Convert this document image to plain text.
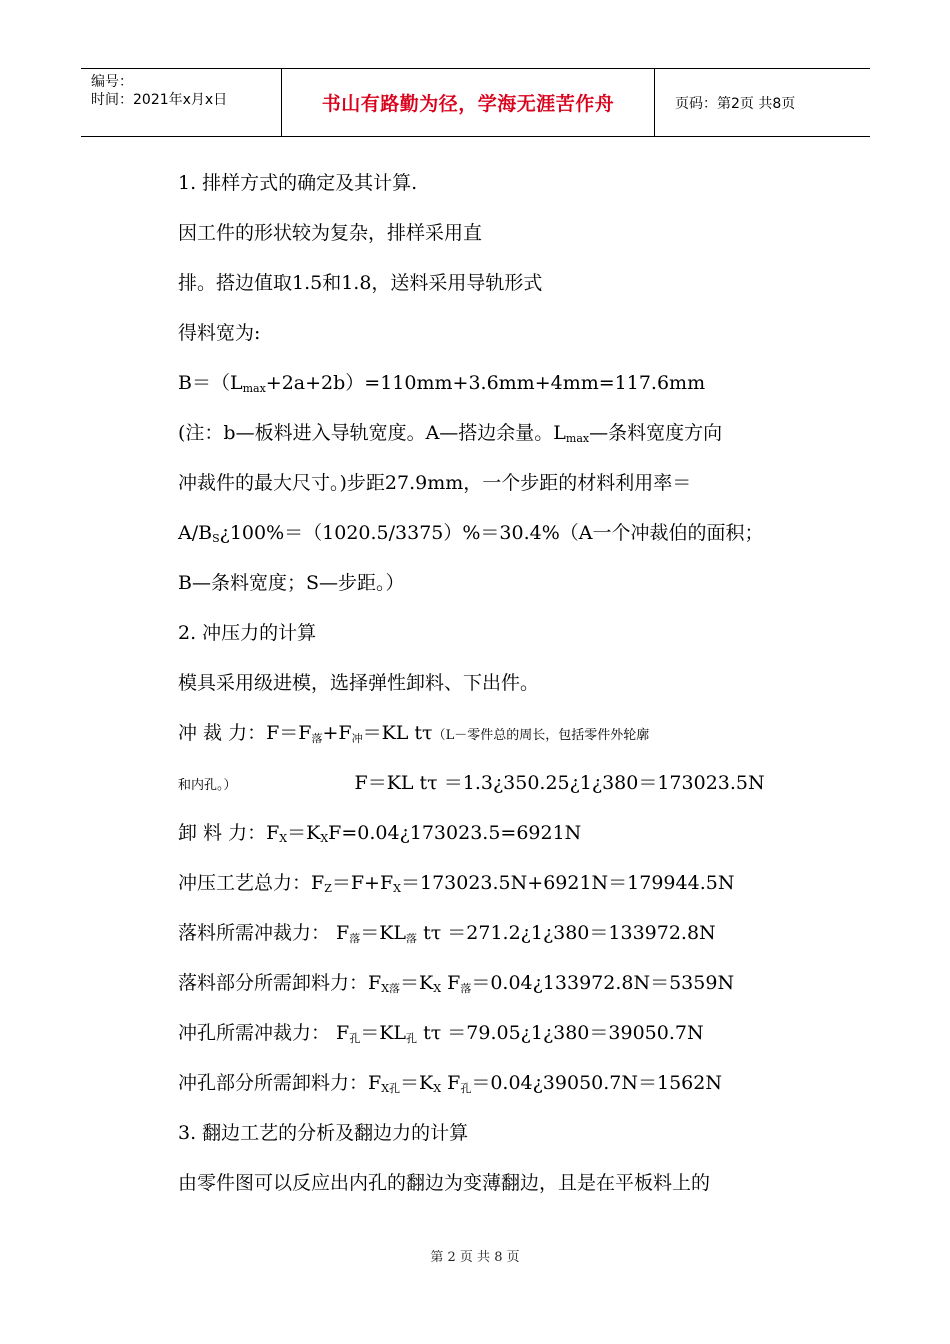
编号：
时间：2021年x月x日	书山有路勤为径，学海无涯苦作舟	页码：第2页 共8页
1. 排样方式的确定及其计算.
因工件的形状较为复杂，排样采用直
排。搭边值取1.5和1.8，送料采用导轨形式
得料宽为:
$B=(L_{max}+2a+2b)=110mm+3.6mm+4mm=117.6mm$
(注：b—板料进入导轨宽度。A—搭边余量。$L_{max}—$条料宽度方向
冲裁件的最大尺寸。)步距27.9mm，一个步距的材料利用率＝
$A/B_S¿100\%=(1020.5/3375)\%=30.4\%(A$一个冲裁伯的面积；
B—条料宽度；S—步距。）
2. 冲压力的计算
模具采用级进模，选择弹性卸料、下出件。
冲 裁 力：$F=F_落+F_冲=KL$ tτ（L－零件总的周长，包括零件外轮廓
和内孔。）	F＝KL tτ ＝1.3¿350.25¿1¿380＝173023.5N
卸 料 力：$F_X=K_XF=0.04¿173023.5=6921N$
冲压工艺总力：$F_Z=F+F_X=173023.5N+6921N=179944.5N$
落料所需冲裁力： $F_落=KL_落$ tτ ＝271.2¿1¿380＝133972.8N
落料部分所需卸料力：$F_{X落}=K_X$ $F_落=0.04¿133972.8N=5359N$
冲孔所需冲裁力： $F_孔=KL_孔$ tτ ＝79.05¿1¿380＝39050.7N
冲孔部分所需卸料力：$F_{X孔}=K_X$ $F_孔=0.04¿39050.7N=1562N$
3. 翻边工艺的分析及翻边力的计算
由零件图可以反应出内孔的翻边为变薄翻边，且是在平板料上的
第 2 页 共 8 页
